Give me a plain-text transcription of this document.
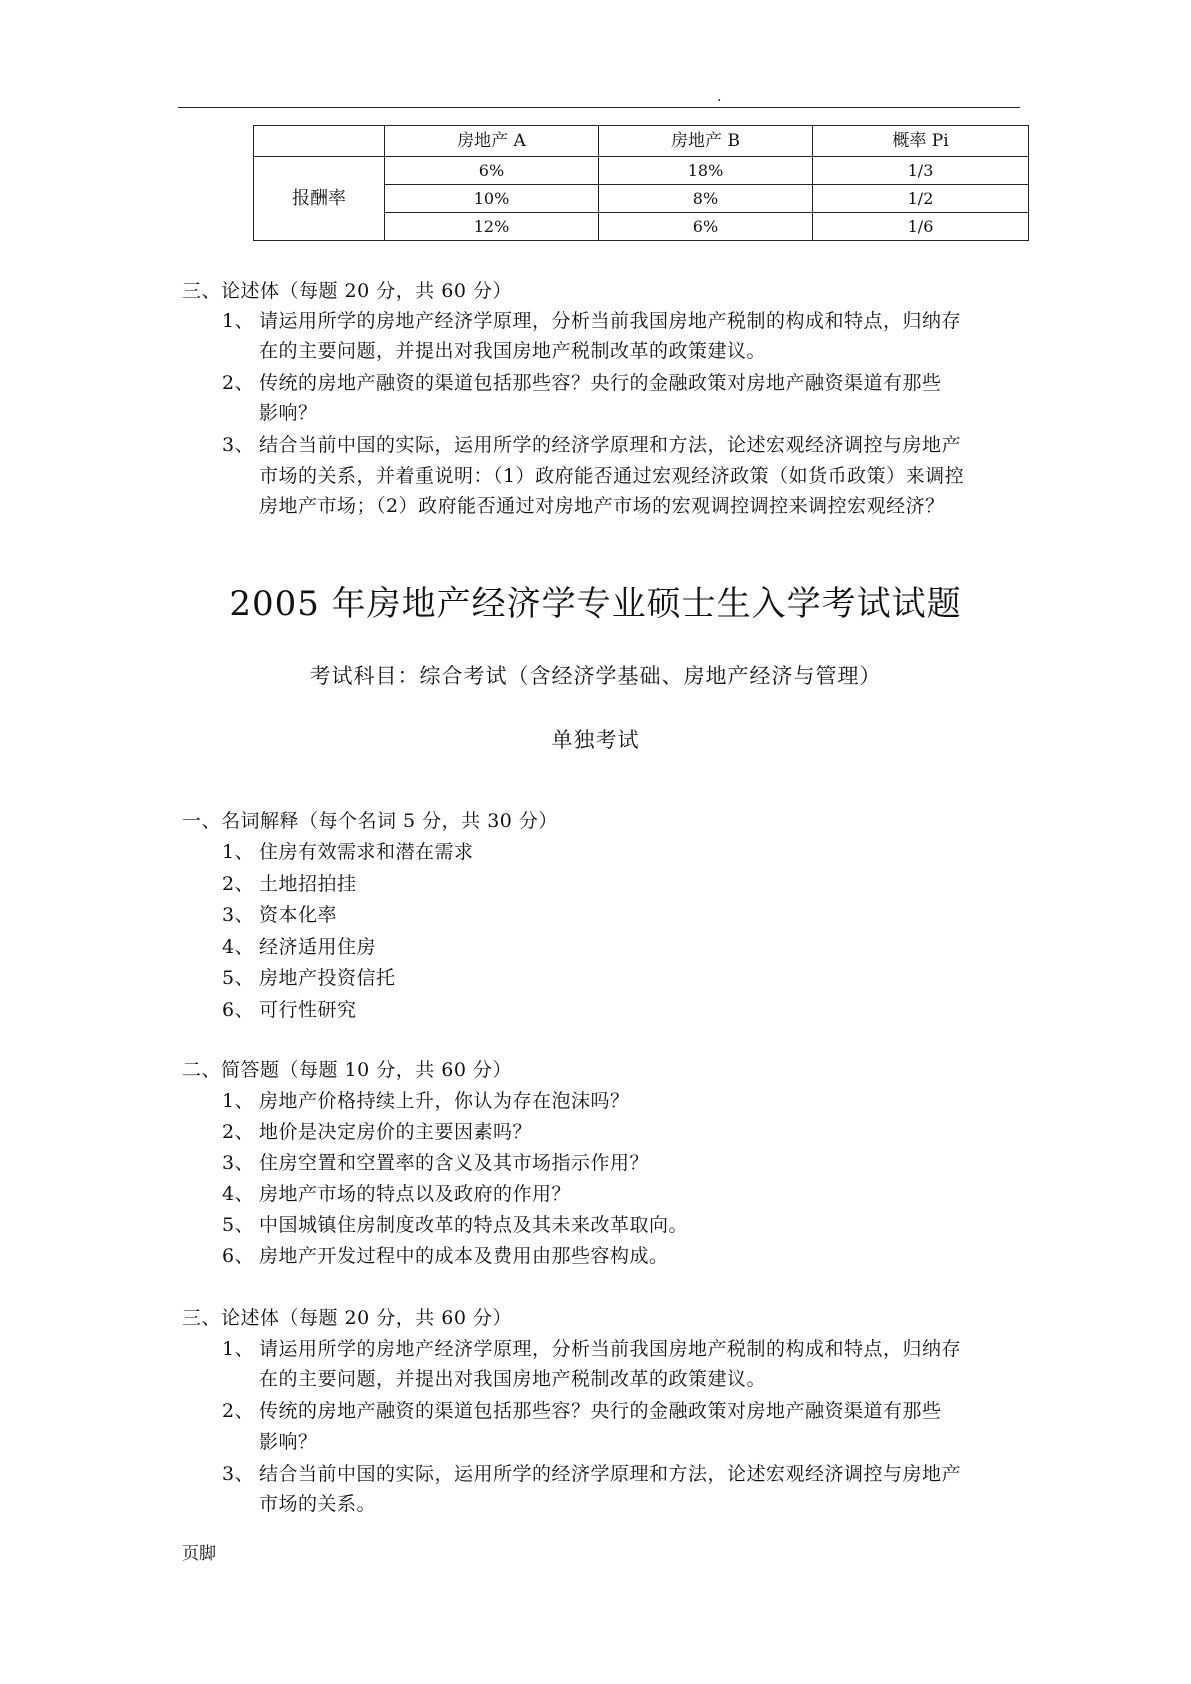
.
	房地产 A	房地产 B	概率 Pi
报酬率	6%	18%	1/3
	10%	8%	1/2
	12%	6%	1/6
三、论述体（每题 20 分，共 60 分）
1、 请运用所学的房地产经济学原理，分析当前我国房地产税制的构成和特点，归纳存
在的主要问题，并提出对我国房地产税制改革的政策建议。
2、 传统的房地产融资的渠道包括那些容？央行的金融政策对房地产融资渠道有那些
影响？
3、 结合当前中国的实际，运用所学的经济学原理和方法，论述宏观经济调控与房地产
市场的关系，并着重说明：（1）政府能否通过宏观经济政策（如货币政策）来调控
房地产市场；（2）政府能否通过对房地产市场的宏观调控调控来调控宏观经济？
2005 年房地产经济学专业硕士生入学考试试题
考试科目：综合考试（含经济学基础、房地产经济与管理）
单独考试
一、名词解释（每个名词 5 分，共 30 分）
1、 住房有效需求和潜在需求
2、 土地招拍挂
3、 资本化率
4、 经济适用住房
5、 房地产投资信托
6、 可行性研究
二、简答题（每题 10 分，共 60 分）
1、 房地产价格持续上升，你认为存在泡沫吗？
2、 地价是决定房价的主要因素吗？
3、 住房空置和空置率的含义及其市场指示作用？
4、 房地产市场的特点以及政府的作用？
5、 中国城镇住房制度改革的特点及其未来改革取向。
6、 房地产开发过程中的成本及费用由那些容构成。
三、论述体（每题 20 分，共 60 分）
1、 请运用所学的房地产经济学原理，分析当前我国房地产税制的构成和特点，归纳存
在的主要问题，并提出对我国房地产税制改革的政策建议。
2、 传统的房地产融资的渠道包括那些容？央行的金融政策对房地产融资渠道有那些
影响？
3、 结合当前中国的实际，运用所学的经济学原理和方法，论述宏观经济调控与房地产
市场的关系。
页脚
